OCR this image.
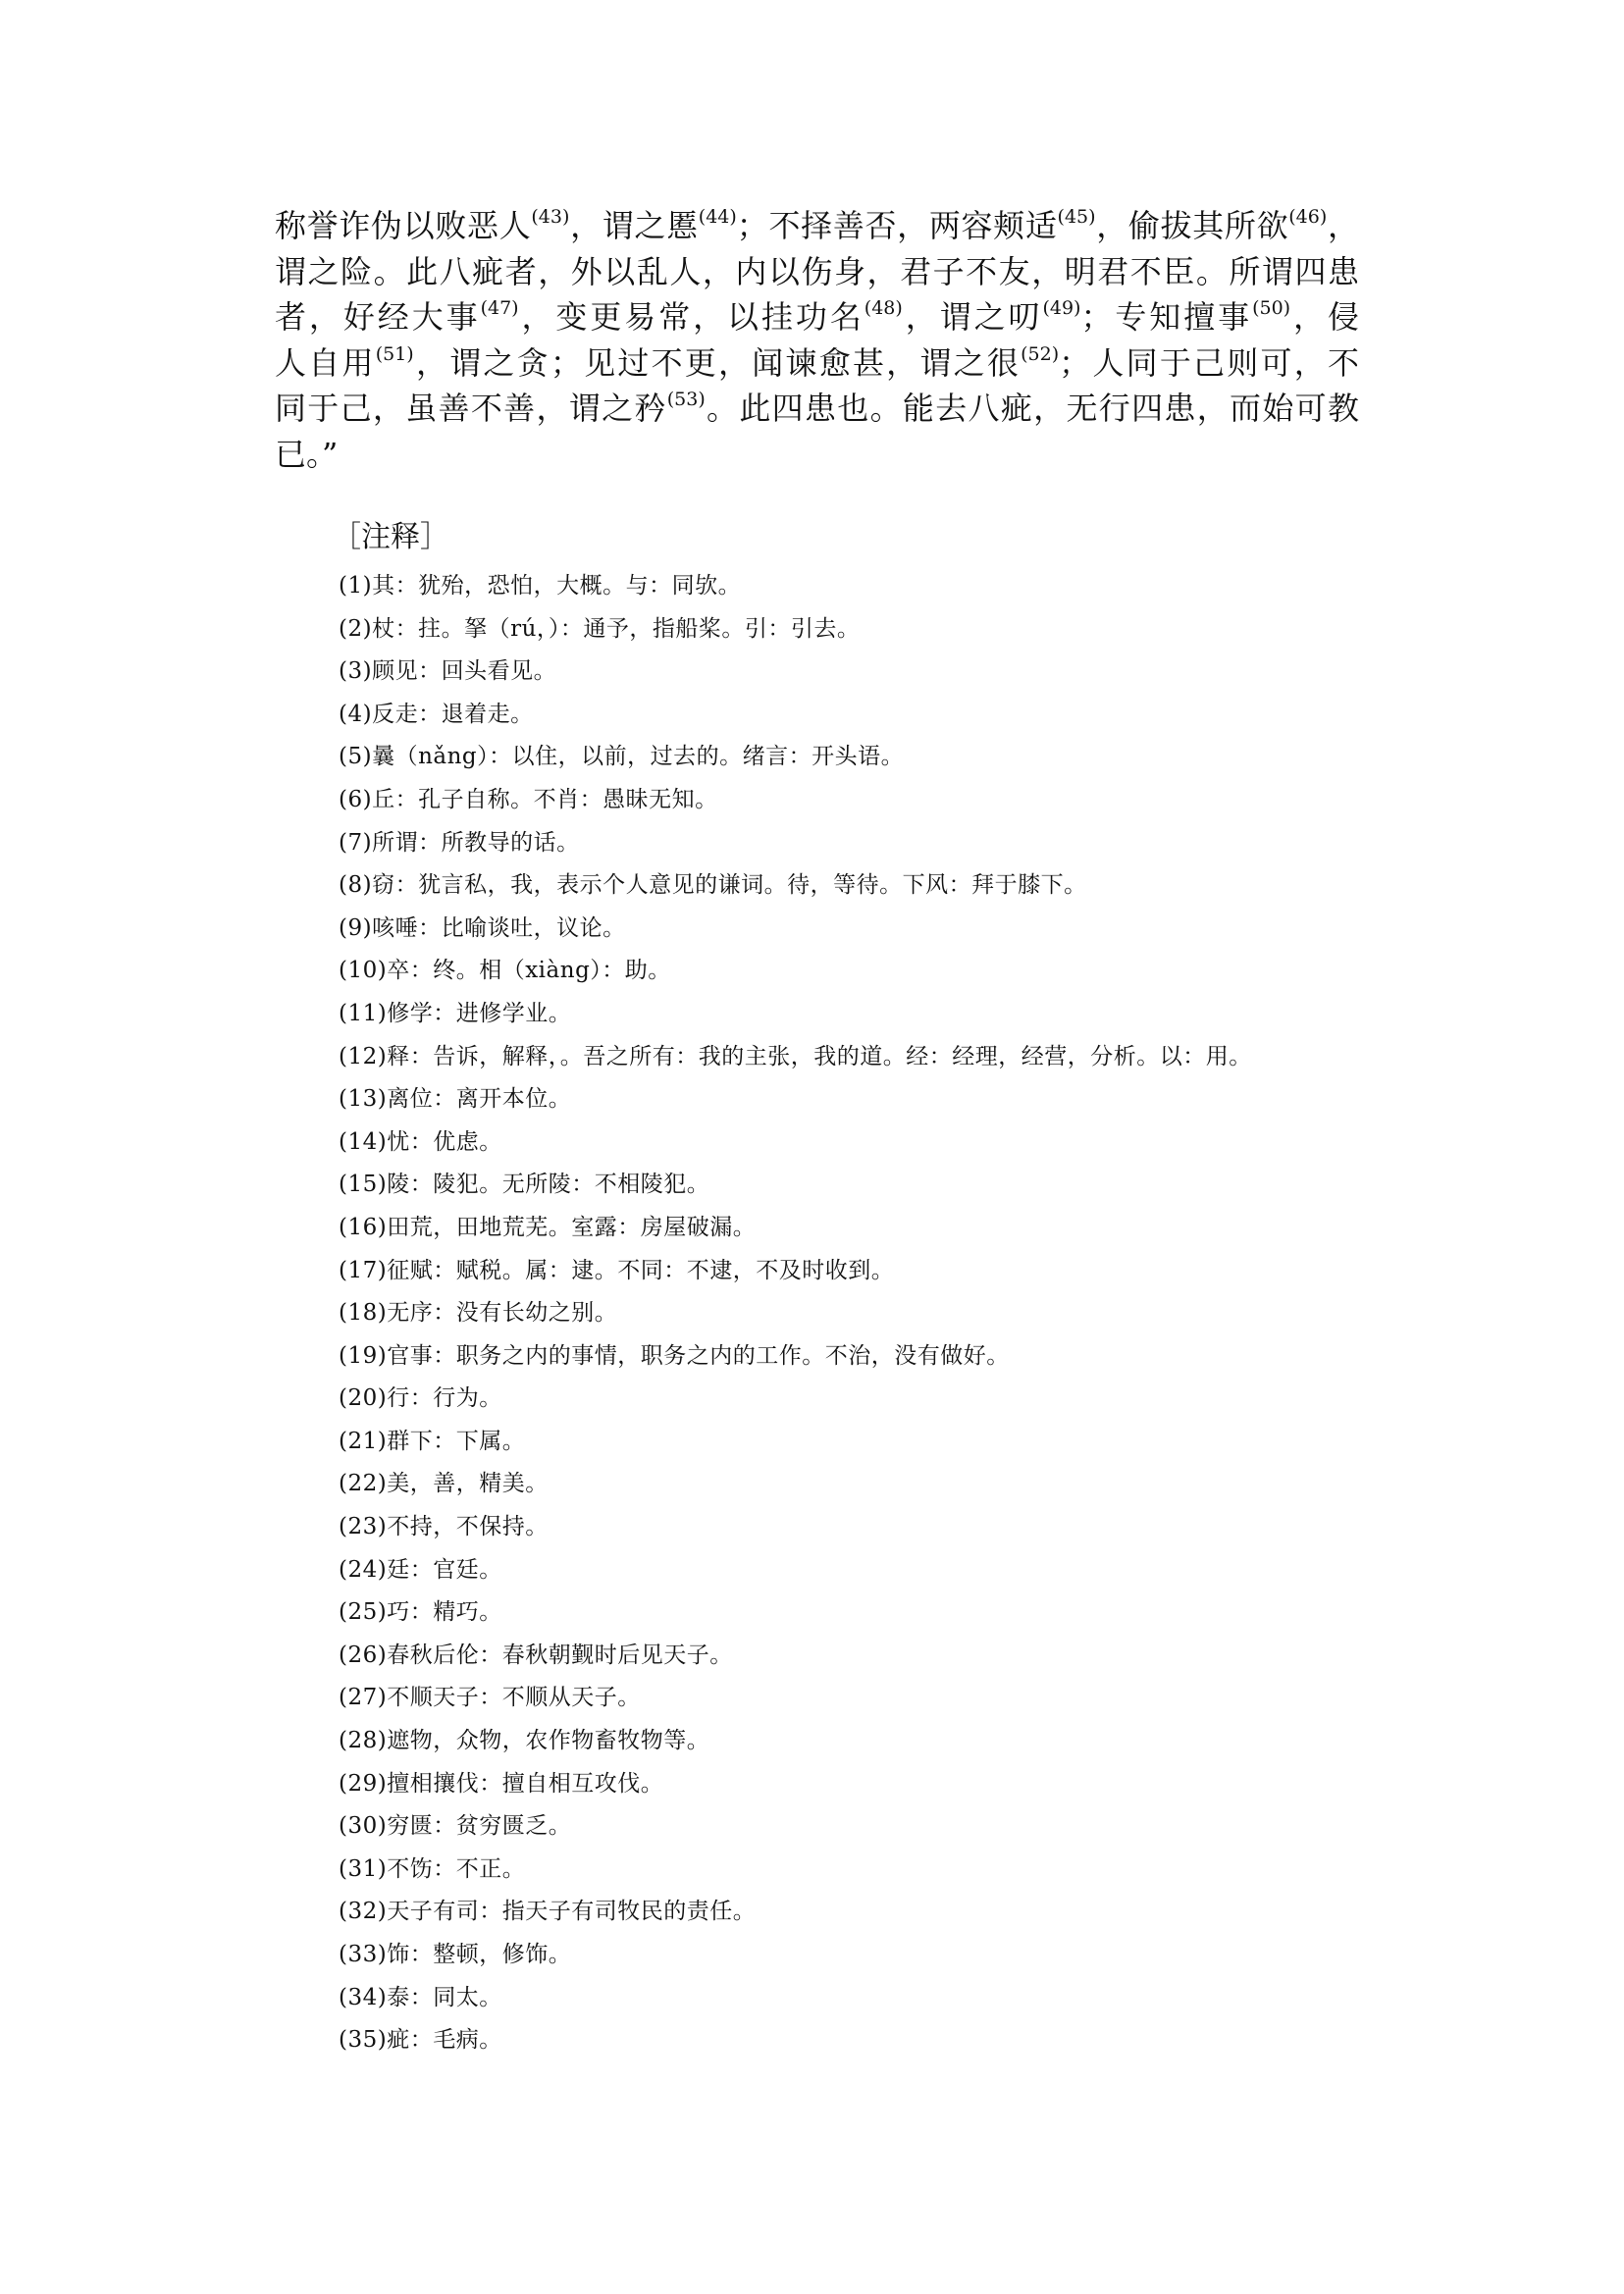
称誉诈伪以败恶人$^{(43)}$，谓之慝$^{(44)}$；不择善否，两容颊适$^{(45)}$，偷拔其所欲$^{(46)}$，
谓之险。此八疵者，外以乱人，内以伤身，君子不友，明君不臣。所谓四患
者，好经大事$^{(47)}$，变更易常，以挂功名$^{(48)}$，谓之叨$^{(49)}$；专知擅事$^{(50)}$，侵
人自用$^{(51)}$，谓之贪；见过不更，闻谏愈甚，谓之很$^{(52)}$；人同于己则可，不
同于己，虽善不善，谓之矜$^{(53)}$。此四患也。能去八疵，无行四患，而始可教
已。”
［注释］
(1)其：犹殆，恐怕，大概。与：同欤。
(2)杖：拄。拏（rú，）：通予，指船桨。引：引去。
(3)顾见：回头看见。
(4)反走：退着走。
(5)曩（nǎng）：以住，以前，过去的。绪言：开头语。
(6)丘：孔子自称。不肖：愚昧无知。
(7)所谓：所教导的话。
(8)窃：犹言私，我，表示个人意见的谦词。待，等待。下风：拜于膝下。
(9)咳唾：比喻谈吐，议论。
(10)卒：终。相（xiàng）：助。
(11)修学：进修学业。
(12)释：告诉，解释，。吾之所有：我的主张，我的道。经：经理，经营，分析。以：用。
(13)离位：离开本位。
(14)忧：优虑。
(15)陵：陵犯。无所陵：不相陵犯。
(16)田荒，田地荒芜。室露：房屋破漏。
(17)征赋：赋税。属：逮。不同：不逮，不及时收到。
(18)无序：没有长幼之别。
(19)官事：职务之内的事情，职务之内的工作。不治，没有做好。
(20)行：行为。
(21)群下：下属。
(22)美，善，精美。
(23)不持，不保持。
(24)廷：官廷。
(25)巧：精巧。
(26)春秋后伦：春秋朝觐时后见天子。
(27)不顺天子：不顺从天子。
(28)遮物，众物，农作物畜牧物等。
(29)擅相攘伐：擅自相互攻伐。
(30)穷匮：贫穷匮乏。
(31)不饬：不正。
(32)天子有司：指天子有司牧民的责任。
(33)饰：整顿，修饰。
(34)泰：同太。
(35)疵：毛病。
